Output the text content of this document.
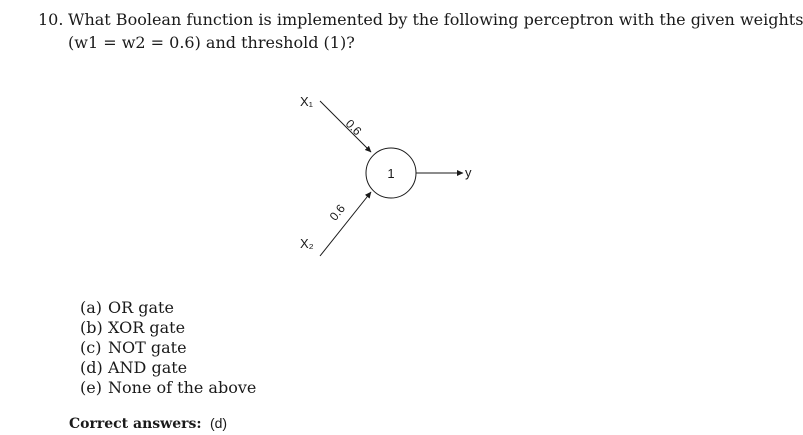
10. What Boolean function is implemented by the following perceptron with the given weights
(w1 = w2 = 0.6) and threshold (1)?
X₁
X₂
0.6
0.6
1	y
(a) OR gate
(b) XOR gate
(c) NOT gate
(d) AND gate
(e) None of the above
Correct answers: (d)
